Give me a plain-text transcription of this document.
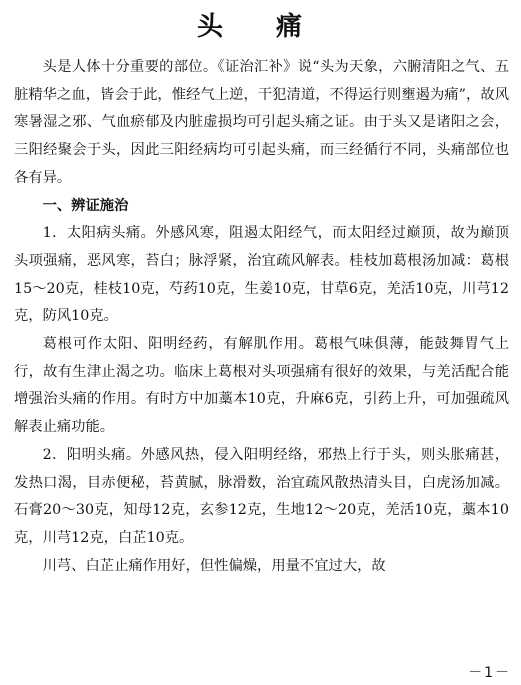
头 痛

头是人体十分重要的部位。《证治汇补》说“头为天象，六腑清阳之气、五脏精华之血，皆会于此，惟经气上逆，干犯清道，不得运行则壅遏为痛”，故风寒暑湿之邪、气血瘀郁及内脏虚损均可引起头痛之证。由于头又是诸阳之会，三阳经聚会于头，因此三阳经病均可引起头痛，而三经循行不同，头痛部位也各有异。

一、辨证施治

1．太阳病头痛。外感风寒，阻遏太阳经气，而太阳经过巅顶，故为巅顶头项强痛，恶风寒，苔白；脉浮紧，治宜疏风解表。桂枝加葛根汤加减：葛根15～20克，桂枝10克，芍药10克，生姜10克，甘草6克，羌活10克，川芎12克，防风10克。

葛根可作太阳、阳明经药，有解肌作用。葛根气味俱薄，能鼓舞胃气上行，故有生津止渴之功。临床上葛根对头项强痛有很好的效果，与羌活配合能增强治头痛的作用。有时方中加藁本10克，升麻6克，引药上升，可加强疏风解表止痛功能。

2．阳明头痛。外感风热，侵入阳明经络，邪热上行于头，则头胀痛甚，发热口渴，目赤便秘，苔黄腻，脉滑数，治宜疏风散热清头目，白虎汤加减。石膏20～30克，知母12克，玄参12克，生地12～20克，羌活10克，藁本10克，川芎12克，白芷10克。

川芎、白芷止痛作用好，但性偏燥，用量不宜过大，故

－1－
